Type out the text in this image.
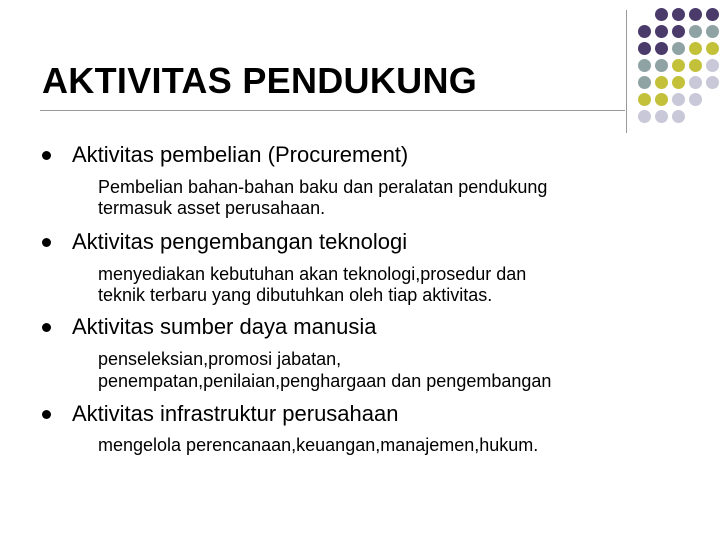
AKTIVITAS PENDUKUNG
Aktivitas pembelian (Procurement)
Pembelian bahan-bahan baku dan peralatan pendukung
termasuk asset perusahaan.
Aktivitas pengembangan teknologi
menyediakan kebutuhan akan teknologi,prosedur dan
teknik terbaru yang dibutuhkan oleh tiap aktivitas.
Aktivitas sumber daya manusia
penseleksian,promosi jabatan,
penempatan,penilaian,penghargaan dan pengembangan
Aktivitas infrastruktur perusahaan
mengelola perencanaan,keuangan,manajemen,hukum.
